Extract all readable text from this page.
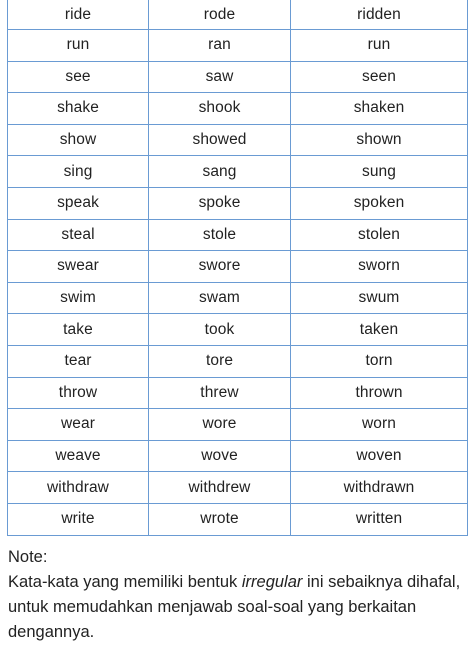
ride	rode	ridden
run	ran	run
see	saw	seen
shake	shook	shaken
show	showed	shown
sing	sang	sung
speak	spoke	spoken
steal	stole	stolen
swear	swore	sworn
swim	swam	swum
take	took	taken
tear	tore	torn
throw	threw	thrown
wear	wore	worn
weave	wove	woven
withdraw	withdrew	withdrawn
write	wrote	written
Note:
Kata-kata yang memiliki bentuk irregular ini sebaiknya dihafal, untuk memudahkan menjawab soal-soal yang berkaitan dengannya.
